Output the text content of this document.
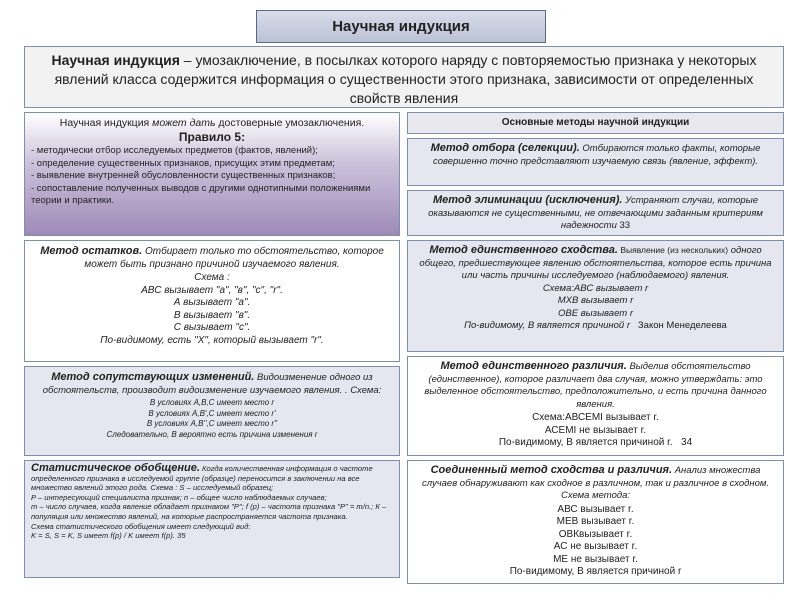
Научная индукция
Научная индукция – умозаключение, в посылках которого наряду с повторяемостью признака у некоторых явлений класса содержится информация о существенности этого признака, зависимости от определенных свойств явления
Научная индукция может дать достоверные умозаключения.
Правило 5:
- методически отбор исследуемых предметов (фактов, явлений);
- определение существенных признаков, присущих этим предметам;
- выявление внутренней обусловленности существенных признаков;
- сопоставление полученных выводов с другими однотипными положениями теории и практики.
Метод остатков. Отбирает только то обстоятельство, которое может быть признано причиной изучаемого явления.
Схема :
АВС вызывает "а", "в", "с", "r".
А вызывает "а".
В вызывает "в".
С вызывает "с".
По-видимому, есть "Х", который вызывает "r".
Метод сопутствующих изменений. Видоизменение одного из обстоятельств, производит видоизменение изучаемого явления. . Схема:
В условиях А,В,С имеет место r
В условиях А,В',С имеет место r'
В условиях А,В'',С имеет место r''
Следовательно, В вероятно есть причина изменения r
Статистическое обобщение. Когда количественная информация о частоте определенного признака в исследуемой группе (образце) переносится в заключении на все множество явлений этого рода. Схема : S – исследуемый образец;
P – интересующий специалиста признак; n – общее число наблюдаемых случаев;
m – число случаев, когда явление обладает признаком "P"; f (p) – частота признака "P" = m/n.; К – популяция или множество явлений, на которые распространяется частота признака.
Схема статистического обобщения имеет следующий вид:
K = S, S = K, S имеет f(p) / K имеет f(p). 35
Основные методы научной индукции
Метод отбора (селекции). Отбираются только факты, которые совершенно точно представляют изучаемую связь (явление, эффект).
Метод элиминации (исключения). Устраняют случаи, которые оказываются не существенными, не отвечающими заданным критериям надежности 33
Метод единственного сходства. Выявление (из нескольких) одного общего, предшествующее явлению обстоятельства, которое есть причина или часть причины исследуемого (наблюдаемого) явления.
Схема:АВС вызывает r
МХВ вызывает r
ОВЕ вызывает r
По-видимому, В является причиной r Закон Менеделеева
Метод единственного различия. Выделив обстоятельство (единственное), которое различает два случая, можно утверждать: это выделенное обстоятельство, предположительно, и есть причина данного явления.
Схема:АВСЕМІ вызывает r.
АСЕМІ не вызывает r.
По-видимому, В является причиной r. 34
Соединенный метод сходства и различия. Анализ множества случаев обнаруживают как сходное в различном, так и различное в сходном. Схема метода:
АВС вызывает r.
МЕВ вызывает r.
ОВКвызывает r.
АС не вызывает r.
МЕ не вызывает r.
По-видимому, В является причиной r
